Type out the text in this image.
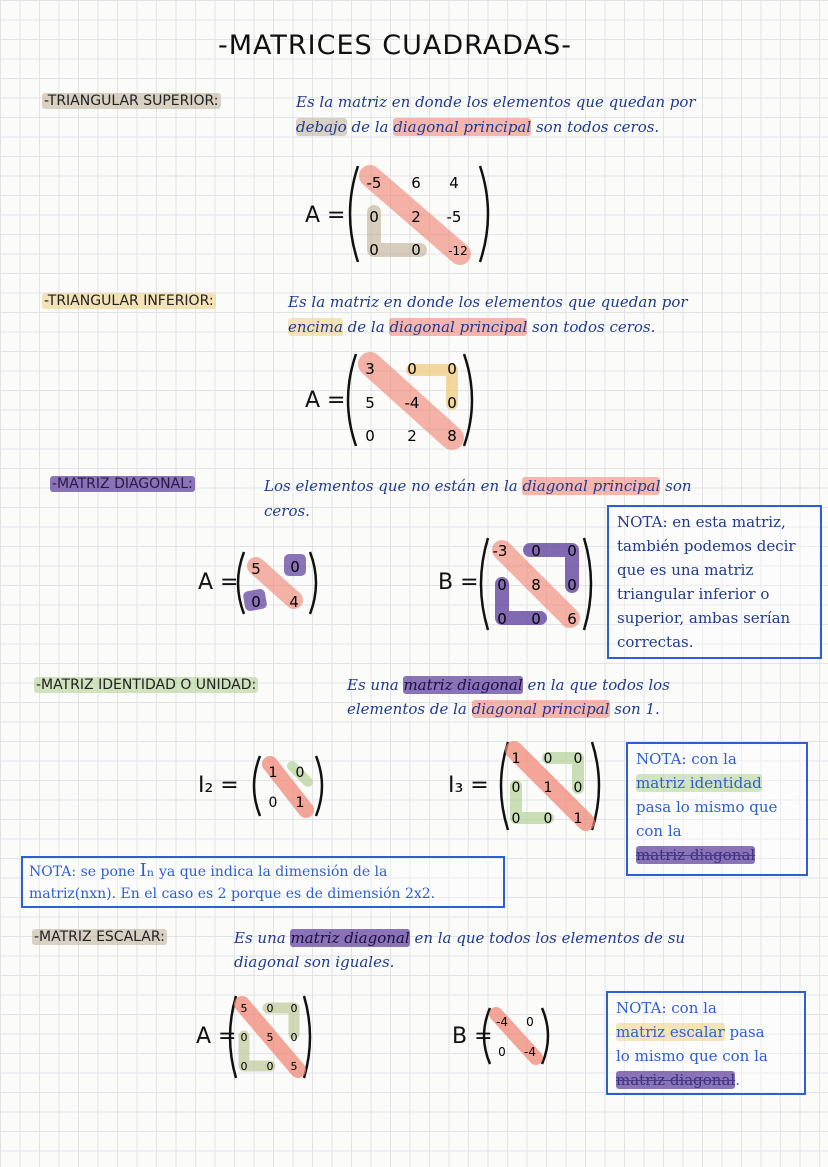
-MATRICES CUADRADAS-
-TRIANGULAR SUPERIOR:	Es la matriz en donde los elementos que quedan por
debajo de la diagonal principal son todos ceros.
A =
-5 6 4
0 2 -5
0 0 -12
-TRIANGULAR INFERIOR:	Es la matriz en donde los elementos que quedan por
encima de la diagonal principal son todos ceros.
A =
3 0 0
5 -4 0
0 2 8
-MATRIZ DIAGONAL:	Los elementos que no están en la diagonal principal son
ceros.
A =
5 0
0 4
B =
-3 0 0
0 8 0
0 0 6
NOTA: en esta matriz, también podemos decir que es una matriz triangular inferior o superior, ambas serían correctas.
-MATRIZ IDENTIDAD O UNIDAD:	Es una matriz diagonal en la que todos los
elementos de la diagonal principal son 1.
I₂ = 1 0
0 1
I₃ =
1 0 0
0 1 0
0 0 1
NOTA: con la
matriz identidad
pasa lo mismo que con la
matriz diagonal
NOTA: se pone Iₙ ya que indica la dimensión de la
matriz(nxn). En el caso es 2 porque es de dimensión 2x2.
-MATRIZ ESCALAR:	Es una matriz diagonal en la que todos los elementos de su
diagonal son iguales.
A =
5 0 0
0 5 0
0 0 5
B =
-4 0
0 -4
NOTA: con la
matriz escalar pasa
lo mismo que con la
matriz diagonal.
